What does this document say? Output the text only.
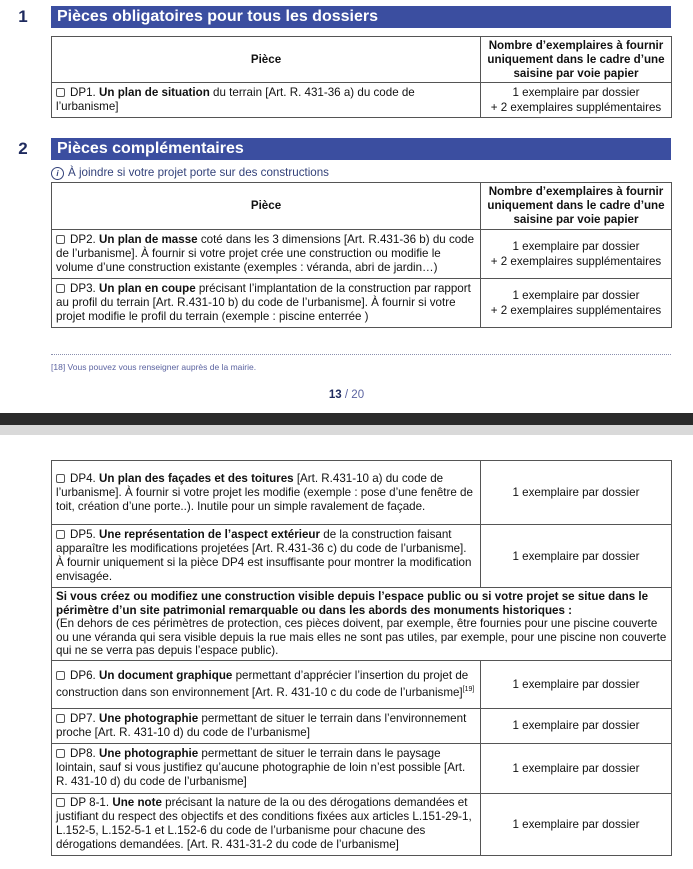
1	Pièces obligatoires pour tous les dossiers
Pièce	Nombre d’exemplaires à fournir uniquement dans le cadre d’une saisine par voie papier
DP1. Un plan de situation du terrain [Art. R. 431-36 a) du code de l’urbanisme]	1 exemplaire par dossier
+ 2 exemplaires supplémentaires
2	Pièces complémentaires
i À joindre si votre projet porte sur des constructions
Pièce	Nombre d’exemplaires à fournir uniquement dans le cadre d’une saisine par voie papier
DP2. Un plan de masse coté dans les 3 dimensions [Art. R.431-36 b) du code de l’urbanisme]. À fournir si votre projet crée une construction ou modifie le volume d’une construction existante (exemples : véranda, abri de jardin…)	1 exemplaire par dossier
+ 2 exemplaires supplémentaires

DP3. Un plan en coupe précisant l’implantation de la construction par rapport au profil du terrain [Art. R.431-10 b) du code de l’urbanisme]. À fournir si votre projet modifie le profil du terrain (exemple : piscine enterrée )	1 exemplaire par dossier
+ 2 exemplaires supplémentaires
[18] Vous pouvez vous renseigner auprès de la mairie.
13 / 20
DP4. Un plan des façades et des toitures [Art. R.431-10 a) du code de l’urbanisme]. À fournir si votre projet les modifie (exemple : pose d’une fenêtre de toit, création d’une porte..). Inutile pour un simple ravalement de façade.	1 exemplaire par dossier
DP5. Une représentation de l’aspect extérieur de la construction faisant apparaître les modifications projetées [Art. R.431-36 c) du code de l’urbanisme]. À fournir uniquement si la pièce DP4 est insuffisante pour montrer la modification envisagée.	1 exemplaire par dossier
Si vous créez ou modifiez une construction visible depuis l’espace public ou si votre projet se situe dans le périmètre d’un site patrimonial remarquable ou dans les abords des monuments historiques :
(En dehors de ces périmètres de protection, ces pièces doivent, par exemple, être fournies pour une piscine couverte ou une véranda qui sera visible depuis la rue mais elles ne sont pas utiles, par exemple, pour une piscine non couverte qui ne se verra pas depuis l’espace public).	
DP6. Un document graphique permettant d’apprécier l’insertion du projet de construction dans son environnement [Art. R. 431-10 c du code de l’urbanisme][19]	1 exemplaire par dossier
DP7. Une photographie permettant de situer le terrain dans l’environnement proche [Art. R. 431-10 d) du code de l’urbanisme]	1 exemplaire par dossier
DP8. Une photographie permettant de situer le terrain dans le paysage lointain, sauf si vous justifiez qu’aucune photographie de loin n’est possible [Art. R. 431-10 d) du code de l’urbanisme]	1 exemplaire par dossier
DP 8-1. Une note précisant la nature de la ou des dérogations demandées et justifiant du respect des objectifs et des conditions fixées aux articles L.151-29-1, L.152-5, L.152-5-1 et L.152-6 du code de l’urbanisme pour chacune des dérogations demandées. [Art. R. 431-31-2 du code de l’urbanisme]	1 exemplaire par dossier
